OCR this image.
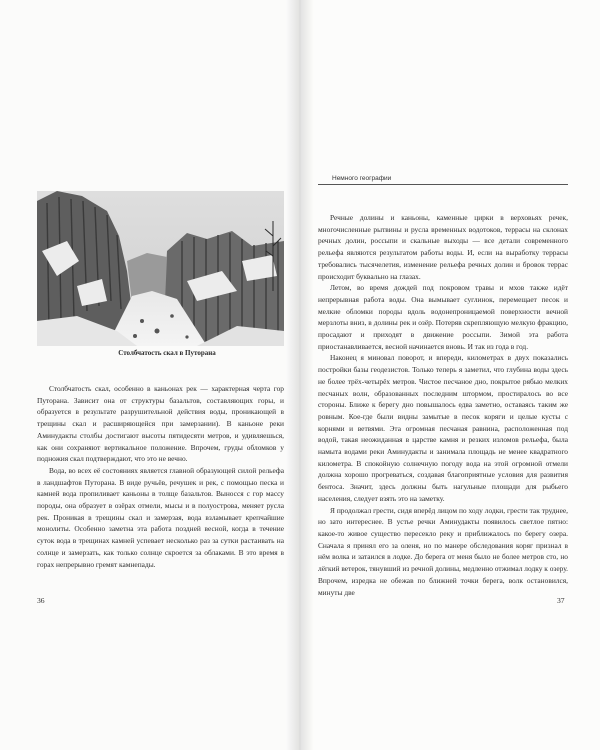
Столбчатость скал в Путорана

Столбчатость скал, особенно в каньонах рек — характерная черта гор Путорана. Зависит она от структуры базальтов, составляющих горы, и образуется в результате разрушительной действия воды, проникающей в трещины скал и расширяющейся при замерзании). В каньоне реки Аминудакты столбы достигают высоты пятидесяти метров, и удивляешься, как они сохраняют вертикальное положение. Впрочем, груды обломков у подножия скал подтверждают, что это не вечно.

Вода, во всех её состояниях является главной образующей силой рельефа в ландшафтов Путорана. В виде ручьёв, речушек и рек, с помощью песка и камней вода пропиливает каньоны в толще базальтов. Выносся с гор массу породы, она образует в озёрах отмели, мысы и в полуострова, меняет русла рек. Проникая в трещины скал и замерзая, вода взламывает крепчайшие монолиты. Особенно заметна эта работа поздней весной, когда в течение суток вода в трещинах камней успевает несколько раз за сутки растаивать на солнце и замерзать, как только солнце скроется за облаками. В это время в горах непрерывно гремят камнепады.

Немного географии

Речные долины и каньоны, каменные цирки в верховьях речек, многочисленные рытвины и русла временных водотоков, террасы на склонах речных долин, россыпи и скальные выходы — все детали современного рельефа являются результатом работы воды. И, если на выработку террасы требовались тысячелетия, изменение рельефа речных долин и бровок террас происходит буквально на глазах.

Летом, во время дождей под покровом травы и мхов также идёт непрерывная работа воды. Она вымывает суглинок, перемещает песок и мелкие обломки породы вдоль водонепроницаемой поверхности вечной мерзлоты вниз, в долины рек и озёр. Потеряв скрепляющую мелкую фракцию, просадают и приходят в движение россыпи. Зимой эта работа приостанавливается, весной начинается вновь. И так из года в год.

Наконец я миновал поворот, и впереди, километрах в двух показались постройки базы геодезистов. Только теперь я заметил, что глубина воды здесь не более трёх-четырёх метров. Чистое песчаное дно, покрытое рябью мелких песчаных волн, образованных последним штормом, простиралось во все стороны. Ближе к берегу дно повышалось едва заметно, оставаясь таким же ровным. Кое-где были видны замытые в песок коряги и целые кусты с корнями и ветвями. Эта огромная песчаная равнина, расположенная под водой, такая неожиданная в царстве камня и резких изломов рельефа, была намыта водами реки Аминудакты и занимала площадь не менее квадратного километра. В спокойную солнечную погоду вода на этой огромной отмели должна хорошо прогреваться, создавая благоприятные условия для развития бентоса. Значит, здесь должны быть нагульные площади для рыбьего населения, следует взять это на заметку.

Я продолжал грести, сидя вперёд лицом по ходу лодки, грести так труднее, но зато интереснее. В устье речки Аминудакты появилось светлое пятно: какое-то живое существо пересекло реку и приближалось по берегу озера. Сначала я принял его за оленя, но по манере обследования коряг признал в нём волка и затаился в лодке. До берега от меня было не более метров сто, но лёгкий ветерок, тянувший из речной долины, медленно отжимал лодку к озеру. Впрочем, изредка не обежав по ближней точки берега, волк остановился, минуты две

36	37
